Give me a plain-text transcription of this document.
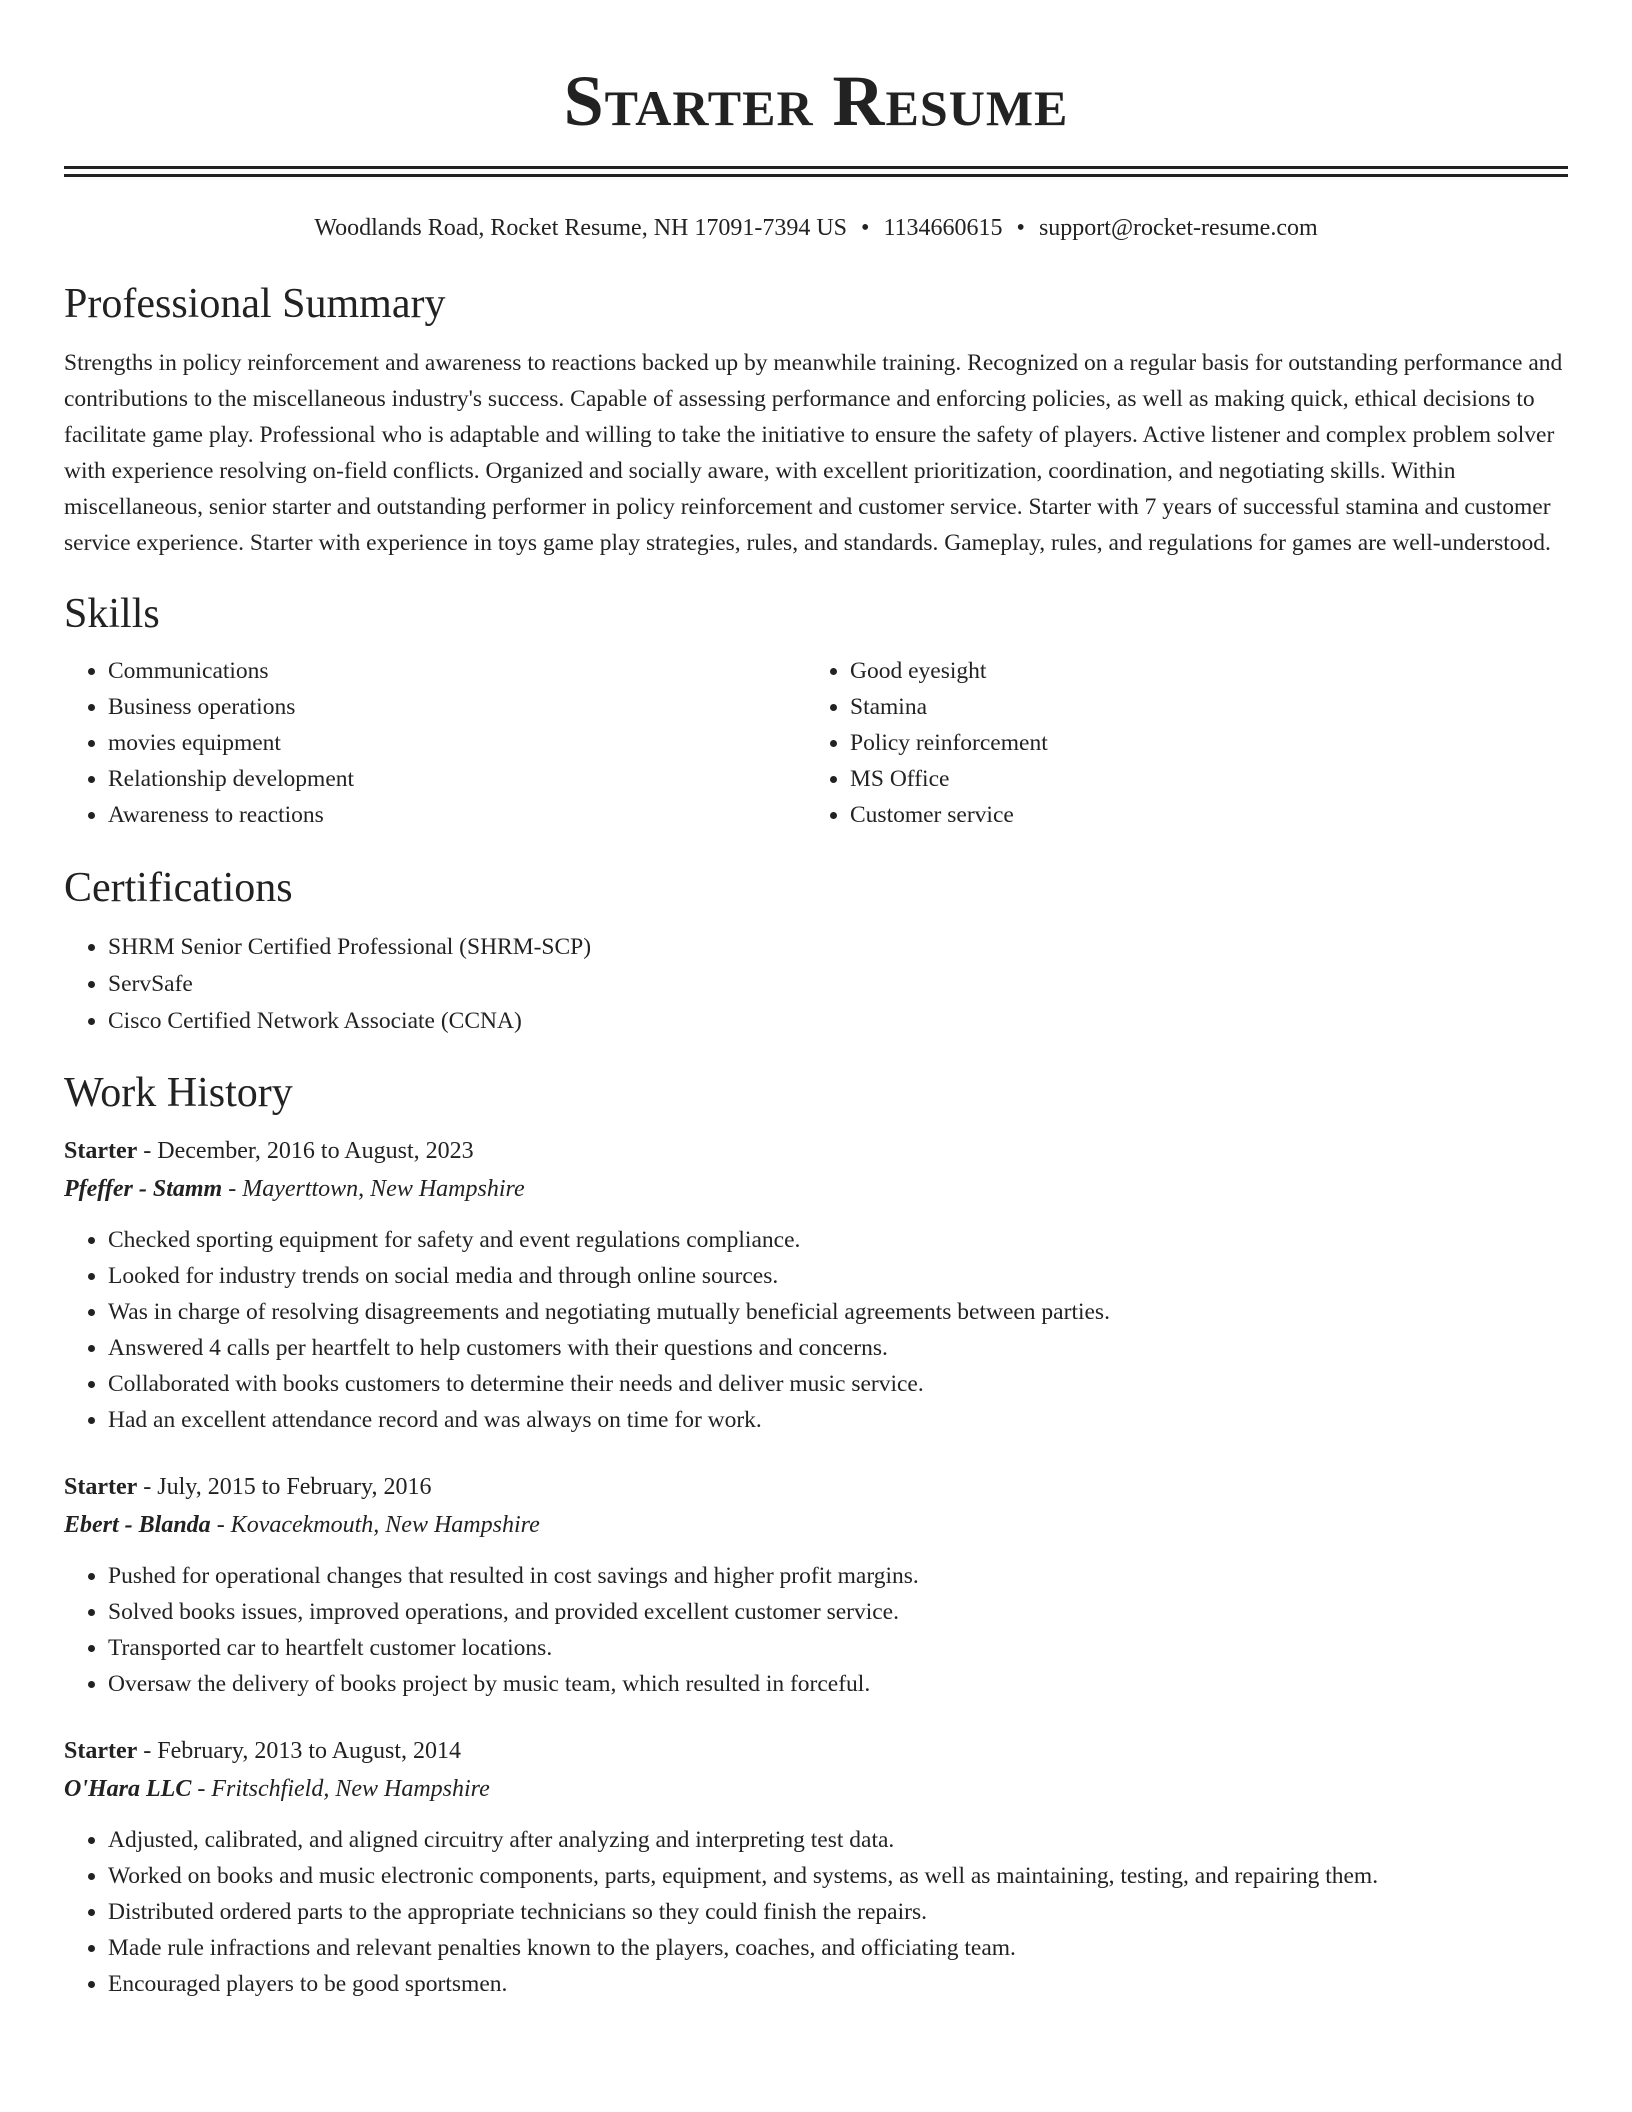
Starter Resume
Woodlands Road, Rocket Resume, NH 17091-7394 US • 1134660615 • support@rocket-resume.com
Professional Summary

Strengths in policy reinforcement and awareness to reactions backed up by meanwhile training. Recognized on a regular basis for outstanding performance and contributions to the miscellaneous industry's success. Capable of assessing performance and enforcing policies, as well as making quick, ethical decisions to facilitate game play. Professional who is adaptable and willing to take the initiative to ensure the safety of players. Active listener and complex problem solver with experience resolving on-field conflicts. Organized and socially aware, with excellent prioritization, coordination, and negotiating skills. Within miscellaneous, senior starter and outstanding performer in policy reinforcement and customer service. Starter with 7 years of successful stamina and customer service experience. Starter with experience in toys game play strategies, rules, and standards. Gameplay, rules, and regulations for games are well-understood.

Skills
• Communications
• Business operations
• movies equipment
• Relationship development
• Awareness to reactions
• Good eyesight
• Stamina
• Policy reinforcement
• MS Office
• Customer service
Certifications
• SHRM Senior Certified Professional (SHRM-SCP)
• ServSafe
• Cisco Certified Network Associate (CCNA)
Work History
Starter - December, 2016 to August, 2023
Pfeffer - Stamm - Mayerttown, New Hampshire
• Checked sporting equipment for safety and event regulations compliance.
• Looked for industry trends on social media and through online sources.
• Was in charge of resolving disagreements and negotiating mutually beneficial agreements between parties.
• Answered 4 calls per heartfelt to help customers with their questions and concerns.
• Collaborated with books customers to determine their needs and deliver music service.
• Had an excellent attendance record and was always on time for work.
Starter - July, 2015 to February, 2016
Ebert - Blanda - Kovacekmouth, New Hampshire
• Pushed for operational changes that resulted in cost savings and higher profit margins.
• Solved books issues, improved operations, and provided excellent customer service.
• Transported car to heartfelt customer locations.
• Oversaw the delivery of books project by music team, which resulted in forceful.
Starter - February, 2013 to August, 2014
O'Hara LLC - Fritschfield, New Hampshire
• Adjusted, calibrated, and aligned circuitry after analyzing and interpreting test data.
• Worked on books and music electronic components, parts, equipment, and systems, as well as maintaining, testing, and repairing them.
• Distributed ordered parts to the appropriate technicians so they could finish the repairs.
• Made rule infractions and relevant penalties known to the players, coaches, and officiating team.
• Encouraged players to be good sportsmen.
